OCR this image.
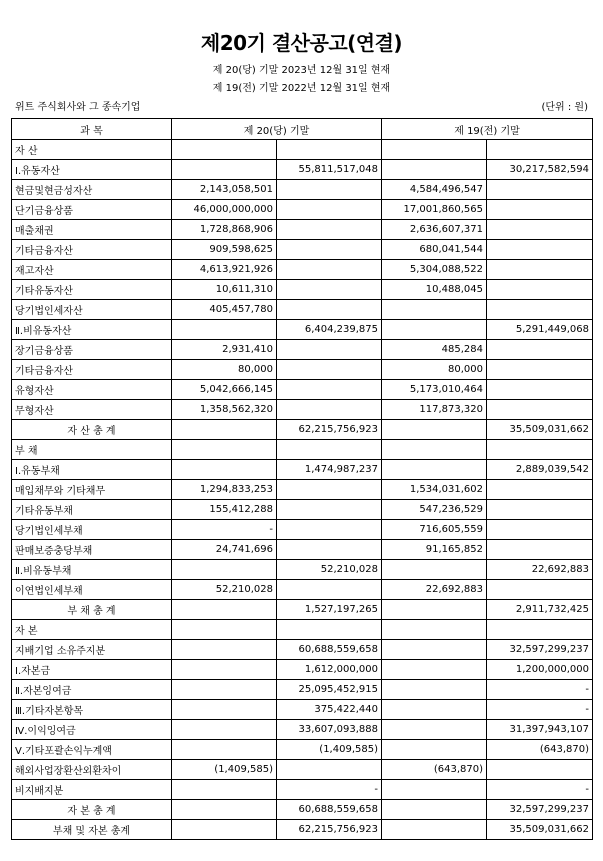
제20기 결산공고(연결)
제 20(당) 기말 2023년 12월 31일 현재
제 19(전) 기말 2022년 12월 31일 현재
위트 주식회사와 그 종속기업	(단위 : 원)
과 목	제 20(당) 기말		제 19(전) 기말	
자 산				
Ⅰ.유동자산		55,811,517,048		30,217,582,594
현금및현금성자산	2,143,058,501		4,584,496,547	
단기금융상품	46,000,000,000		17,001,860,565	
매출채권	1,728,868,906		2,636,607,371	
기타금융자산	909,598,625		680,041,544	
재고자산	4,613,921,926		5,304,088,522	
기타유동자산	10,611,310		10,488,045	
당기법인세자산	405,457,780			
Ⅱ.비유동자산		6,404,239,875		5,291,449,068
장기금융상품	2,931,410		485,284	
기타금융자산	80,000		80,000	
유형자산	5,042,666,145		5,173,010,464	
무형자산	1,358,562,320		117,873,320	
자 산 총 계		62,215,756,923		35,509,031,662
부 채				
Ⅰ.유동부채		1,474,987,237		2,889,039,542
매입채무와 기타채무	1,294,833,253		1,534,031,602	
기타유동부채	155,412,288		547,236,529	
당기법인세부채	-		716,605,559	
판매보증충당부채	24,741,696		91,165,852	
Ⅱ.비유동부채		52,210,028		22,692,883
이연법인세부채	52,210,028		22,692,883	
부 채 총 계		1,527,197,265		2,911,732,425
자 본				
지배기업 소유주지분		60,688,559,658		32,597,299,237
Ⅰ.자본금		1,612,000,000		1,200,000,000
Ⅱ.자본잉여금		25,095,452,915		-
Ⅲ.기타자본항목		375,422,440		-
Ⅳ.이익잉여금		33,607,093,888		31,397,943,107
Ⅴ.기타포괄손익누계액		(1,409,585)		(643,870)
해외사업장환산외환차이	(1,409,585)		(643,870)	
비지배지분		-		-
자 본 총 계		60,688,559,658		32,597,299,237
부채 및 자본 총계		62,215,756,923		35,509,031,662
